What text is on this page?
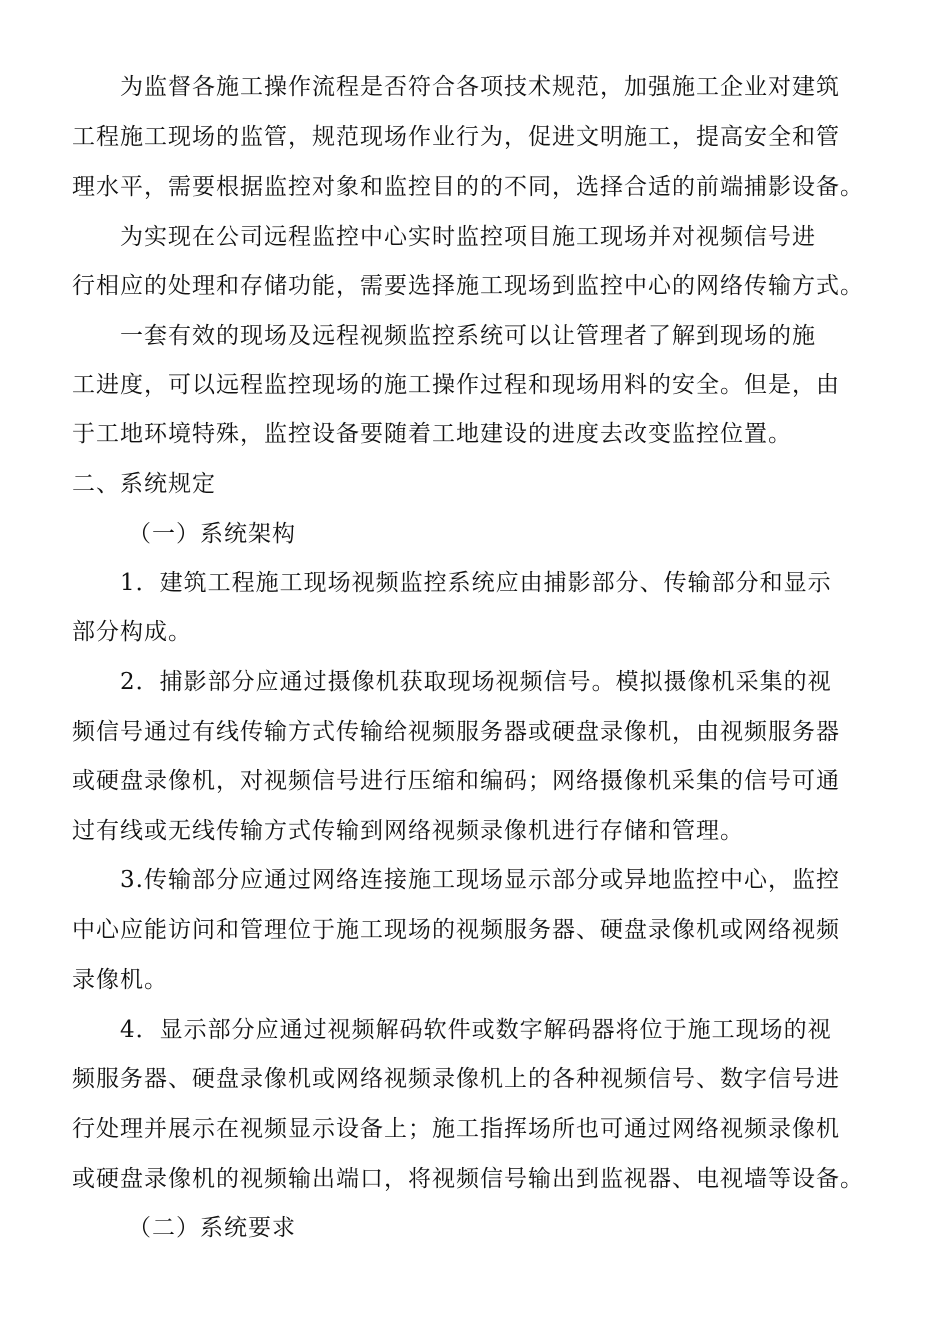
为监督各施工操作流程是否符合各项技术规范，加强施工企业对建筑
工程施工现场的监管，规范现场作业行为，促进文明施工，提高安全和管
理水平，需要根据监控对象和监控目的的不同，选择合适的前端捕影设备。
为实现在公司远程监控中心实时监控项目施工现场并对视频信号进
行相应的处理和存储功能，需要选择施工现场到监控中心的网络传输方式。
一套有效的现场及远程视频监控系统可以让管理者了解到现场的施
工进度，可以远程监控现场的施工操作过程和现场用料的安全。但是，由
于工地环境特殊，监控设备要随着工地建设的进度去改变监控位置。
二、系统规定
（一）系统架构
1．建筑工程施工现场视频监控系统应由捕影部分、传输部分和显示
部分构成。
2．捕影部分应通过摄像机获取现场视频信号。模拟摄像机采集的视
频信号通过有线传输方式传输给视频服务器或硬盘录像机，由视频服务器
或硬盘录像机，对视频信号进行压缩和编码；网络摄像机采集的信号可通
过有线或无线传输方式传输到网络视频录像机进行存储和管理。
3.传输部分应通过网络连接施工现场显示部分或异地监控中心，监控
中心应能访问和管理位于施工现场的视频服务器、硬盘录像机或网络视频
录像机。
4．显示部分应通过视频解码软件或数字解码器将位于施工现场的视
频服务器、硬盘录像机或网络视频录像机上的各种视频信号、数字信号进
行处理并展示在视频显示设备上；施工指挥场所也可通过网络视频录像机
或硬盘录像机的视频输出端口，将视频信号输出到监视器、电视墙等设备。
（二）系统要求
